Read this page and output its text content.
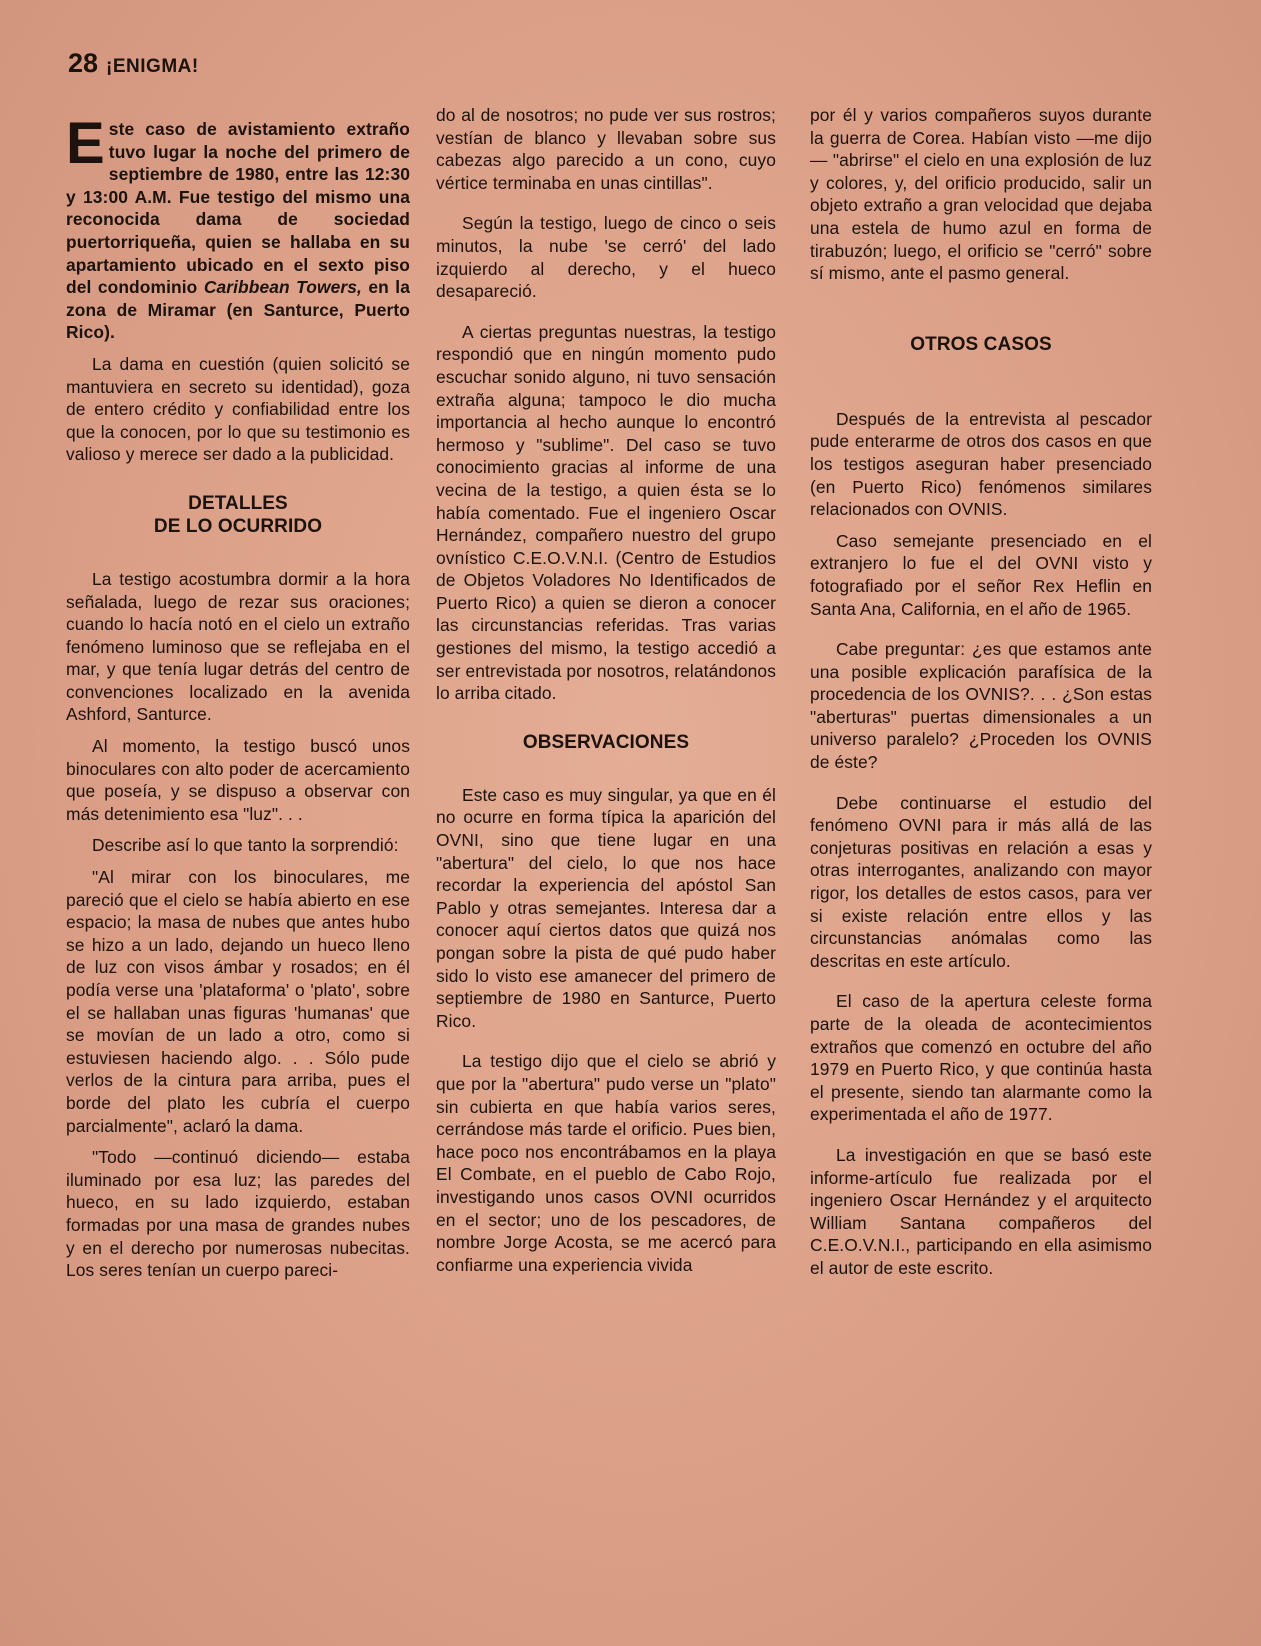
28 ¡ENIGMA!

Este caso de avistamiento extraño tuvo lugar la noche del primero de septiembre de 1980, entre las 12:30 y 13:00 A.M. Fue testigo del mismo una reconocida dama de sociedad puertorriqueña, quien se hallaba en su apartamiento ubicado en el sexto piso del condominio Caribbean Towers, en la zona de Miramar (en Santurce, Puerto Rico).

La dama en cuestión (quien solicitó se mantuviera en secreto su identidad), goza de entero crédito y confiabilidad entre los que la conocen, por lo que su testimonio es valioso y merece ser dado a la publicidad.

DETALLES
DE LO OCURRIDO

La testigo acostumbra dormir a la hora señalada, luego de rezar sus oraciones; cuando lo hacía notó en el cielo un extraño fenómeno luminoso que se reflejaba en el mar, y que tenía lugar detrás del centro de convenciones localizado en la avenida Ashford, Santurce.

Al momento, la testigo buscó unos binoculares con alto poder de acercamiento que poseía, y se dispuso a observar con más detenimiento esa "luz". . .

Describe así lo que tanto la sorprendió:

"Al mirar con los binoculares, me pareció que el cielo se había abierto en ese espacio; la masa de nubes que antes hubo se hizo a un lado, dejando un hueco lleno de luz con visos ámbar y rosados; en él podía verse una 'plataforma' o 'plato', sobre el se hallaban unas figuras 'humanas' que se movían de un lado a otro, como si estuviesen haciendo algo. . . Sólo pude verlos de la cintura para arriba, pues el borde del plato les cubría el cuerpo parcialmente", aclaró la dama.

"Todo —continuó diciendo— estaba iluminado por esa luz; las paredes del hueco, en su lado izquierdo, estaban formadas por una masa de grandes nubes y en el derecho por numerosas nubecitas. Los seres tenían un cuerpo pareci-

do al de nosotros; no pude ver sus rostros; vestían de blanco y llevaban sobre sus cabezas algo parecido a un cono, cuyo vértice terminaba en unas cintillas".

Según la testigo, luego de cinco o seis minutos, la nube 'se cerró' del lado izquierdo al derecho, y el hueco desapareció.

A ciertas preguntas nuestras, la testigo respondió que en ningún momento pudo escuchar sonido alguno, ni tuvo sensación extraña alguna; tampoco le dio mucha importancia al hecho aunque lo encontró hermoso y "sublime". Del caso se tuvo conocimiento gracias al informe de una vecina de la testigo, a quien ésta se lo había comentado. Fue el ingeniero Oscar Hernández, compañero nuestro del grupo ovnístico C.E.O.V.N.I. (Centro de Estudios de Objetos Voladores No Identificados de Puerto Rico) a quien se dieron a conocer las circunstancias referidas. Tras varias gestiones del mismo, la testigo accedió a ser entrevistada por nosotros, relatándonos lo arriba citado.

OBSERVACIONES

Este caso es muy singular, ya que en él no ocurre en forma típica la aparición del OVNI, sino que tiene lugar en una "abertura" del cielo, lo que nos hace recordar la experiencia del apóstol San Pablo y otras semejantes. Interesa dar a conocer aquí ciertos datos que quizá nos pongan sobre la pista de qué pudo haber sido lo visto ese amanecer del primero de septiembre de 1980 en Santurce, Puerto Rico.

La testigo dijo que el cielo se abrió y que por la "abertura" pudo verse un "plato" sin cubierta en que había varios seres, cerrándose más tarde el orificio. Pues bien, hace poco nos encontrábamos en la playa El Combate, en el pueblo de Cabo Rojo, investigando unos casos OVNI ocurridos en el sector; uno de los pescadores, de nombre Jorge Acosta, se me acercó para confiarme una experiencia vivida

por él y varios compañeros suyos durante la guerra de Corea. Habían visto —me dijo— "abrirse" el cielo en una explosión de luz y colores, y, del orificio producido, salir un objeto extraño a gran velocidad que dejaba una estela de humo azul en forma de tirabuzón; luego, el orificio se "cerró" sobre sí mismo, ante el pasmo general.

OTROS CASOS

Después de la entrevista al pescador pude enterarme de otros dos casos en que los testigos aseguran haber presenciado (en Puerto Rico) fenómenos similares relacionados con OVNIS.

Caso semejante presenciado en el extranjero lo fue el del OVNI visto y fotografiado por el señor Rex Heflin en Santa Ana, California, en el año de 1965.

Cabe preguntar: ¿es que estamos ante una posible explicación parafísica de la procedencia de los OVNIS?. . . ¿Son estas "aberturas" puertas dimensionales a un universo paralelo? ¿Proceden los OVNIS de éste?

Debe continuarse el estudio del fenómeno OVNI para ir más allá de las conjeturas positivas en relación a esas y otras interrogantes, analizando con mayor rigor, los detalles de estos casos, para ver si existe relación entre ellos y las circunstancias anómalas como las descritas en este artículo.

El caso de la apertura celeste forma parte de la oleada de acontecimientos extraños que comenzó en octubre del año 1979 en Puerto Rico, y que continúa hasta el presente, siendo tan alarmante como la experimentada el año de 1977.

La investigación en que se basó este informe-artículo fue realizada por el ingeniero Oscar Hernández y el arquitecto William Santana compañeros del C.E.O.V.N.I., participando en ella asimismo el autor de este escrito.
